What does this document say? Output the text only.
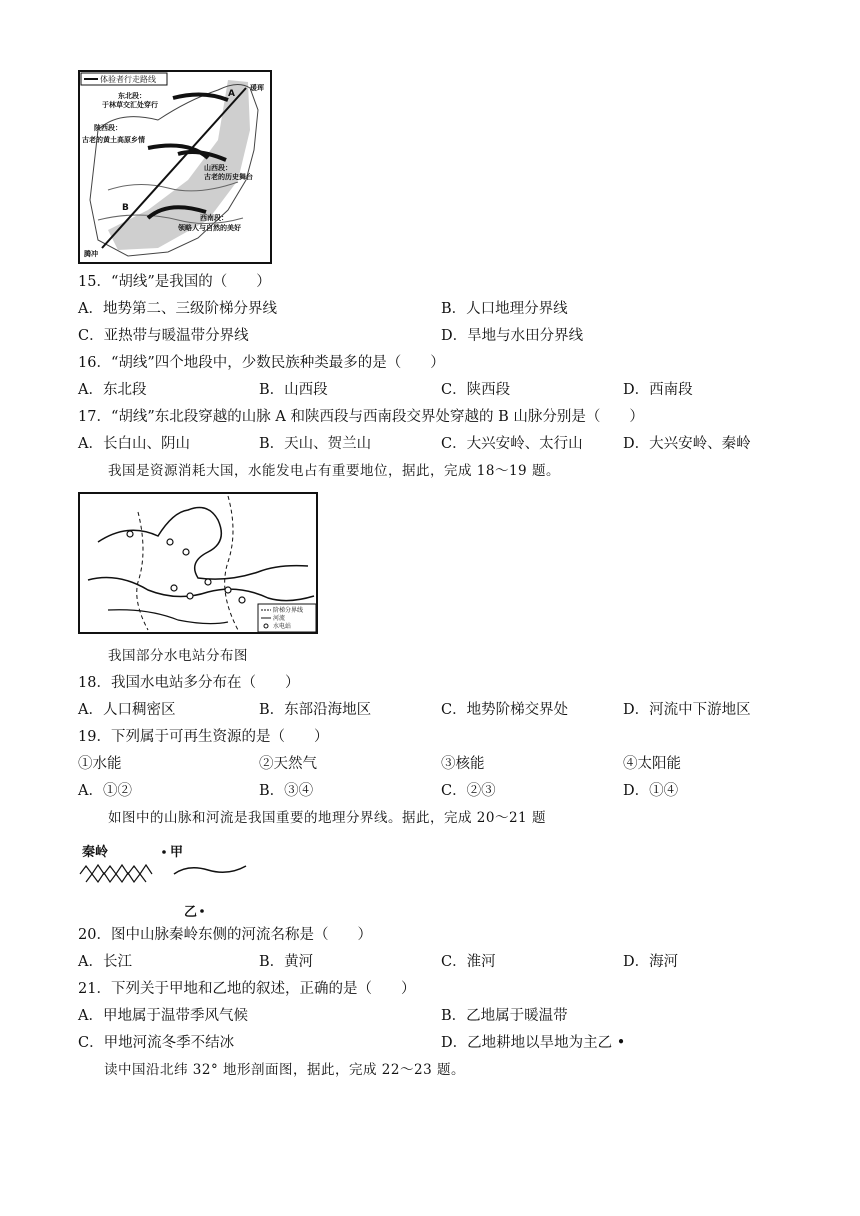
体验者行走路线
东北段：
于林草交汇处穿行
陕西段：
古老的黄土高原乡情
山西段：
古老的历史舞台
西南段：
领略人与自然的美好
瑗珲
腾冲
A
B
15．“胡线”是我国的（　　）
A．地势第二、三级阶梯分界线	B．人口地理分界线
C．亚热带与暖温带分界线	D．旱地与水田分界线
16．“胡线”四个地段中，少数民族种类最多的是（　　）
A．东北段	B．山西段	C．陕西段	D．西南段
17．“胡线”东北段穿越的山脉 A 和陕西段与西南段交界处穿越的 B 山脉分别是（　　）
A．长白山、阴山	B．天山、贺兰山	C．大兴安岭、太行山	D．大兴安岭、秦岭
我国是资源消耗大国，水能发电占有重要地位，据此，完成 18～19 题。
阶梯分界线
河流
水电站
我国部分水电站分布图
18．我国水电站多分布在（　　）
A．人口稠密区	B．东部沿海地区	C．地势阶梯交界处	D．河流中下游地区
19．下列属于可再生资源的是（　　）
①水能	②天然气	③核能	④太阳能
A．①②	B．③④	C．②③	D．①④
如图中的山脉和河流是我国重要的地理分界线。据此，完成 20～21 题
秦岭	甲
乙
20．图中山脉秦岭东侧的河流名称是（　　）
A．长江	B．黄河	C．淮河	D．海河
21．下列关于甲地和乙地的叙述，正确的是（　　）
A．甲地属于温带季风气候	B．乙地属于暖温带
C．甲地河流冬季不结冰	D．乙地耕地以旱地为主乙 •
读中国沿北纬 32° 地形剖面图，据此，完成 22～23 题。
